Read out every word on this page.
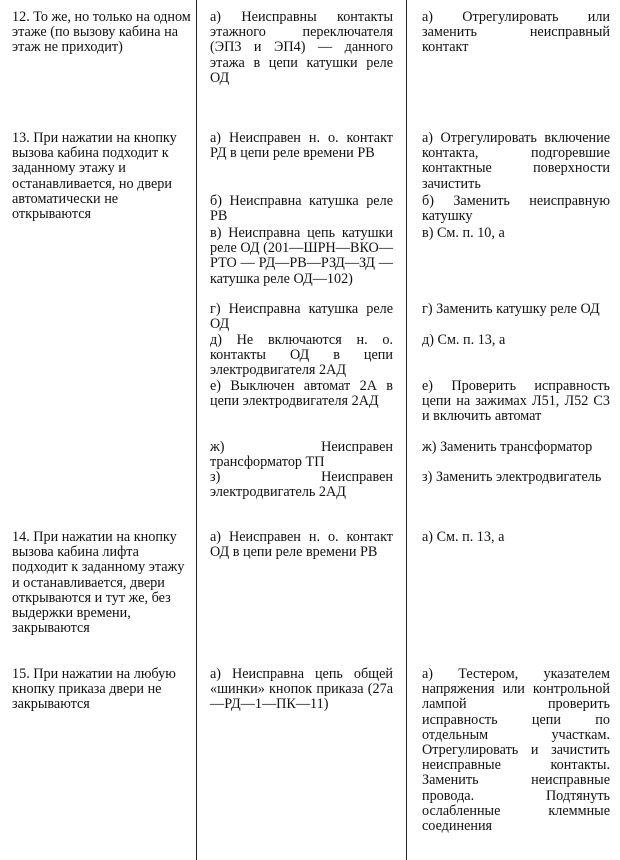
12. То же, но только на одном этаже (по вызову кабина на этаж не приходит)

а) Неисправны контакты этажного переключателя (ЭП3 и ЭП4) — данного этажа в цепи катушки реле ОД

а) Отрегулировать или заменить неисправный контакт

13. При нажатии на кнопку вызова кабина подходит к заданному этажу и останавливается, но двери автоматически не открываются

а) Неисправен н. о. контакт РД в цепи реле времени РВ

б) Неисправна катушка реле РВ

в) Неисправна цепь катушки реле ОД (201—ШРН—ВКО—РТО — РД—РВ—РЗД—ЗД — катушка реле ОД—102)

г) Неисправна катушка реле ОД

д) Не включаются н. о. контакты ОД в цепи электродвигателя 2АД

е) Выключен автомат 2А в цепи электродвигателя 2АД

ж) Неисправен трансформатор ТП

з) Неисправен электродвигатель 2АД

а) Отрегулировать включение контакта, подгоревшие контактные поверхности зачистить

б) Заменить неисправную катушку

в) См. п. 10, а

г) Заменить катушку реле ОД

д) См. п. 13, а

е) Проверить исправность цепи на зажимах Л51, Л52 С3 и включить автомат

ж) Заменить трансформатор

з) Заменить электродвигатель

14. При нажатии на кнопку вызова кабина лифта подходит к заданному этажу и останавливается, двери открываются и тут же, без выдержки времени, закрываются

а) Неисправен н. о. контакт ОД в цепи реле времени РВ

а) См. п. 13, а

15. При нажатии на любую кнопку приказа двери не закрываются

а) Неисправна цепь общей «шинки» кнопок приказа (27а—РД—1—ПК—11)

а) Тестером, указателем напряжения или контрольной лампой проверить исправность цепи по отдельным участкам. Отрегулировать и зачистить неисправные контакты. Заменить неисправные провода. Подтянуть ослабленные клеммные соединения
